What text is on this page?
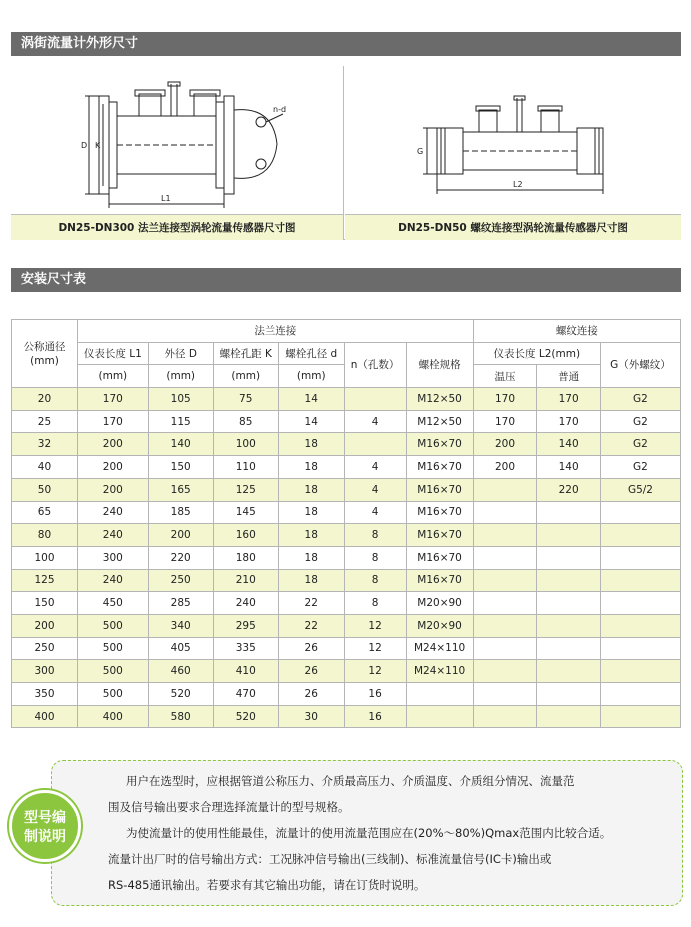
涡街流量计外形尺寸
D K
L1
n-d
DN25-DN300 法兰连接型涡轮流量传感器尺寸图
G
L2
DN25-DN50 螺纹连接型涡轮流量传感器尺寸图
安装尺寸表
公称通径
(mm)	法兰连接						螺纹连接		
	仪表长度 L1	外径 D	螺栓孔距 K	螺栓孔径 d	n（孔数）	螺栓规格	仪表长度 L2(mm)		G（外螺纹）
	(mm)	(mm)	(mm)	(mm)			温压	普通	
20	170	105	75	14		M12×50	170	170	G2
25	170	115	85	14	4	M12×50	170	170	G2
32	200	140	100	18		M16×70	200	140	G2
40	200	150	110	18	4	M16×70	200	140	G2
50	200	165	125	18	4	M16×70		220	G5/2
65	240	185	145	18	4	M16×70			
80	240	200	160	18	8	M16×70			
100	300	220	180	18	8	M16×70			
125	240	250	210	18	8	M16×70			
150	450	285	240	22	8	M20×90			
200	500	340	295	22	12	M20×90			
250	500	405	335	26	12	M24×110			
300	500	460	410	26	12	M24×110			
350	500	520	470	26	16				
400	400	580	520	30	16				
用户在选型时，应根据管道公称压力、介质最高压力、介质温度、介质组分情况、流量范
围及信号输出要求合理选择流量计的型号规格。
为使流量计的使用性能最佳，流量计的使用流量范围应在(20%～80%)Qmax范围内比较合适。
流量计出厂时的信号输出方式：工况脉冲信号输出(三线制)、标准流量信号(IC卡)输出或
RS-485通讯输出。若要求有其它输出功能，请在订货时说明。
型号编
制说明
